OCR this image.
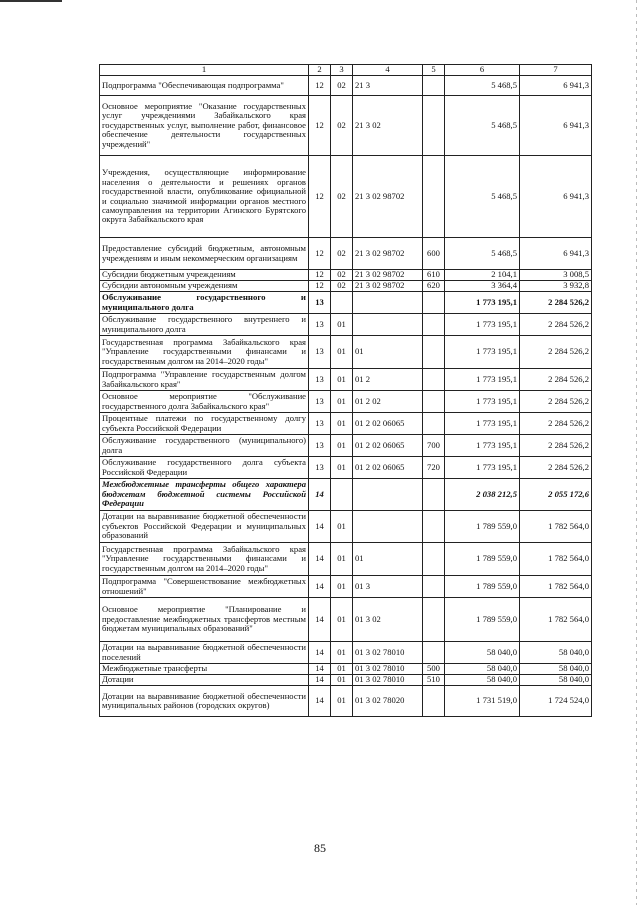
1	2	3	4	5	6	7
Подпрограмма "Обеспечивающая подпрограмма"	12	02	21 3		5 468,5	6 941,3
Основное мероприятие "Оказание государственных услуг учреждениями Забайкальского края государственных услуг, выполнение работ, финансовое обеспечение деятельности государственных учреждений"	12	02	21 3 02		5 468,5	6 941,3
Учреждения, осуществляющие информирование населения о деятельности и решениях органов государственной власти, опубликование официальной и социально значимой информации органов местного самоуправления на территории Агинского Бурятского округа Забайкальского края	12	02	21 3 02 98702		5 468,5	6 941,3
Предоставление субсидий бюджетным, автономным учреждениям и иным некоммерческим организациям	12	02	21 3 02 98702	600	5 468,5	6 941,3
Субсидии бюджетным учреждениям	12	02	21 3 02 98702	610	2 104,1	3 008,5
Субсидии автономным учреждениям	12	02	21 3 02 98702	620	3 364,4	3 932,8
Обслуживание государственного и муниципального долга	13				1 773 195,1	2 284 526,2
Обслуживание государственного внутреннего и муниципального долга	13	01			1 773 195,1	2 284 526,2
Государственная программа Забайкальского края "Управление государственными финансами и государственным долгом на 2014–2020 годы"	13	01	01		1 773 195,1	2 284 526,2
Подпрограмма "Управление государственным долгом Забайкальского края"	13	01	01 2		1 773 195,1	2 284 526,2
Основное мероприятие "Обслуживание государственного долга Забайкальского края"	13	01	01 2 02		1 773 195,1	2 284 526,2
Процентные платежи по государственному долгу субъекта Российской Федерации	13	01	01 2 02 06065		1 773 195,1	2 284 526,2
Обслуживание государственного (муниципального) долга	13	01	01 2 02 06065	700	1 773 195,1	2 284 526,2
Обслуживание государственного долга субъекта Российской Федерации	13	01	01 2 02 06065	720	1 773 195,1	2 284 526,2
Межбюджетные трансферты общего характера бюджетам бюджетной системы Российской Федерации	14				2 038 212,5	2 055 172,6
Дотации на выравнивание бюджетной обеспеченности субъектов Российской Федерации и муниципальных образований	14	01			1 789 559,0	1 782 564,0
Государственная программа Забайкальского края "Управление государственными финансами и государственным долгом на 2014–2020 годы"	14	01	01		1 789 559,0	1 782 564,0
Подпрограмма "Совершенствование межбюджетных отношений"	14	01	01 3		1 789 559,0	1 782 564,0
Основное мероприятие "Планирование и предоставление межбюджетных трансфертов местным бюджетам муниципальных образований"	14	01	01 3 02		1 789 559,0	1 782 564,0
Дотации на выравнивание бюджетной обеспеченности поселений	14	01	01 3 02 78010		58 040,0	58 040,0
Межбюджетные трансферты	14	01	01 3 02 78010	500	58 040,0	58 040,0
Дотации	14	01	01 3 02 78010	510	58 040,0	58 040,0
Дотации на выравнивание бюджетной обеспеченности муниципальных районов (городских округов)	14	01	01 3 02 78020		1 731 519,0	1 724 524,0
85
